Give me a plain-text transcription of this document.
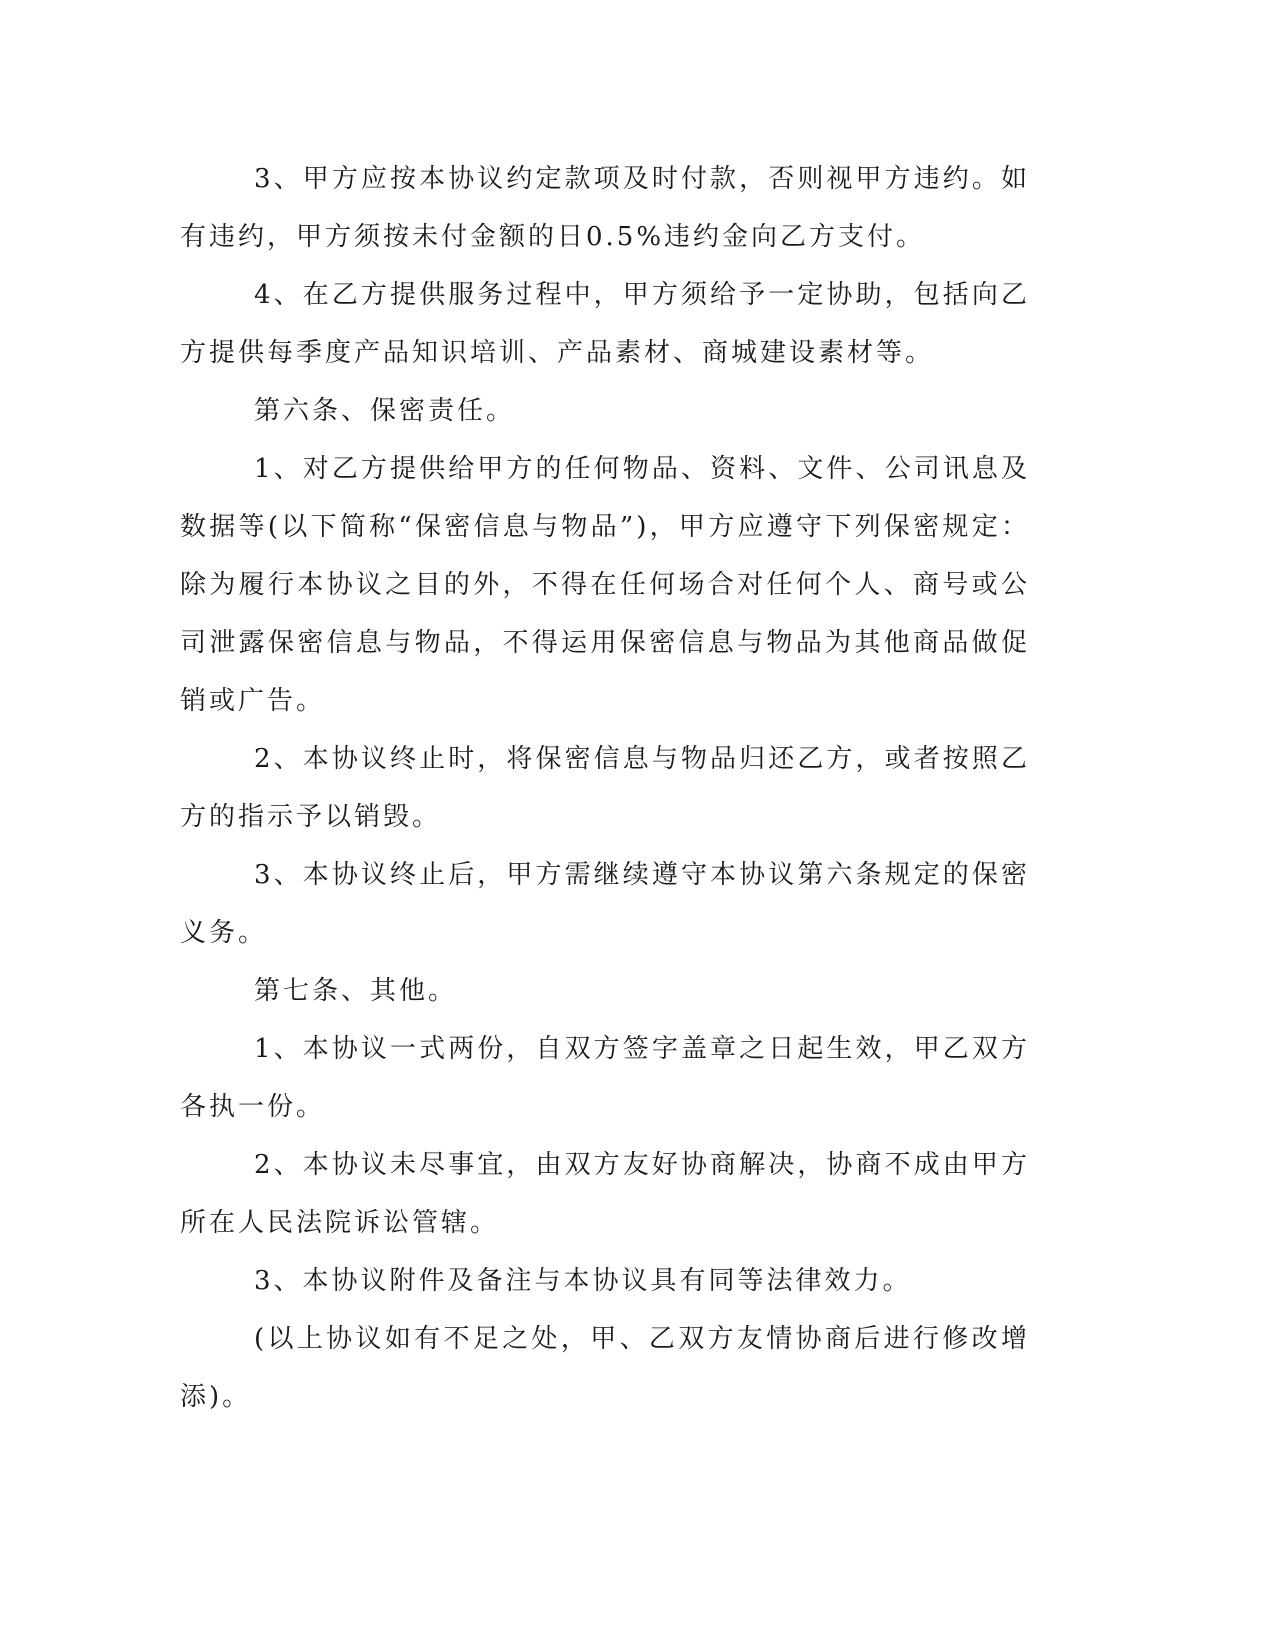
3、甲方应按本协议约定款项及时付款，否则视甲方违约。如有违约，甲方须按未付金额的日0.5%违约金向乙方支付。

4、在乙方提供服务过程中，甲方须给予一定协助，包括向乙方提供每季度产品知识培训、产品素材、商城建设素材等。

第六条、保密责任。

1、对乙方提供给甲方的任何物品、资料、文件、公司讯息及数据等(以下简称“保密信息与物品”)，甲方应遵守下列保密规定：除为履行本协议之目的外，不得在任何场合对任何个人、商号或公司泄露保密信息与物品，不得运用保密信息与物品为其他商品做促销或广告。

2、本协议终止时，将保密信息与物品归还乙方，或者按照乙方的指示予以销毁。

3、本协议终止后，甲方需继续遵守本协议第六条规定的保密义务。

第七条、其他。

1、本协议一式两份，自双方签字盖章之日起生效，甲乙双方各执一份。

2、本协议未尽事宜，由双方友好协商解决，协商不成由甲方所在人民法院诉讼管辖。

3、本协议附件及备注与本协议具有同等法律效力。

(以上协议如有不足之处，甲、乙双方友情协商后进行修改增添)。
